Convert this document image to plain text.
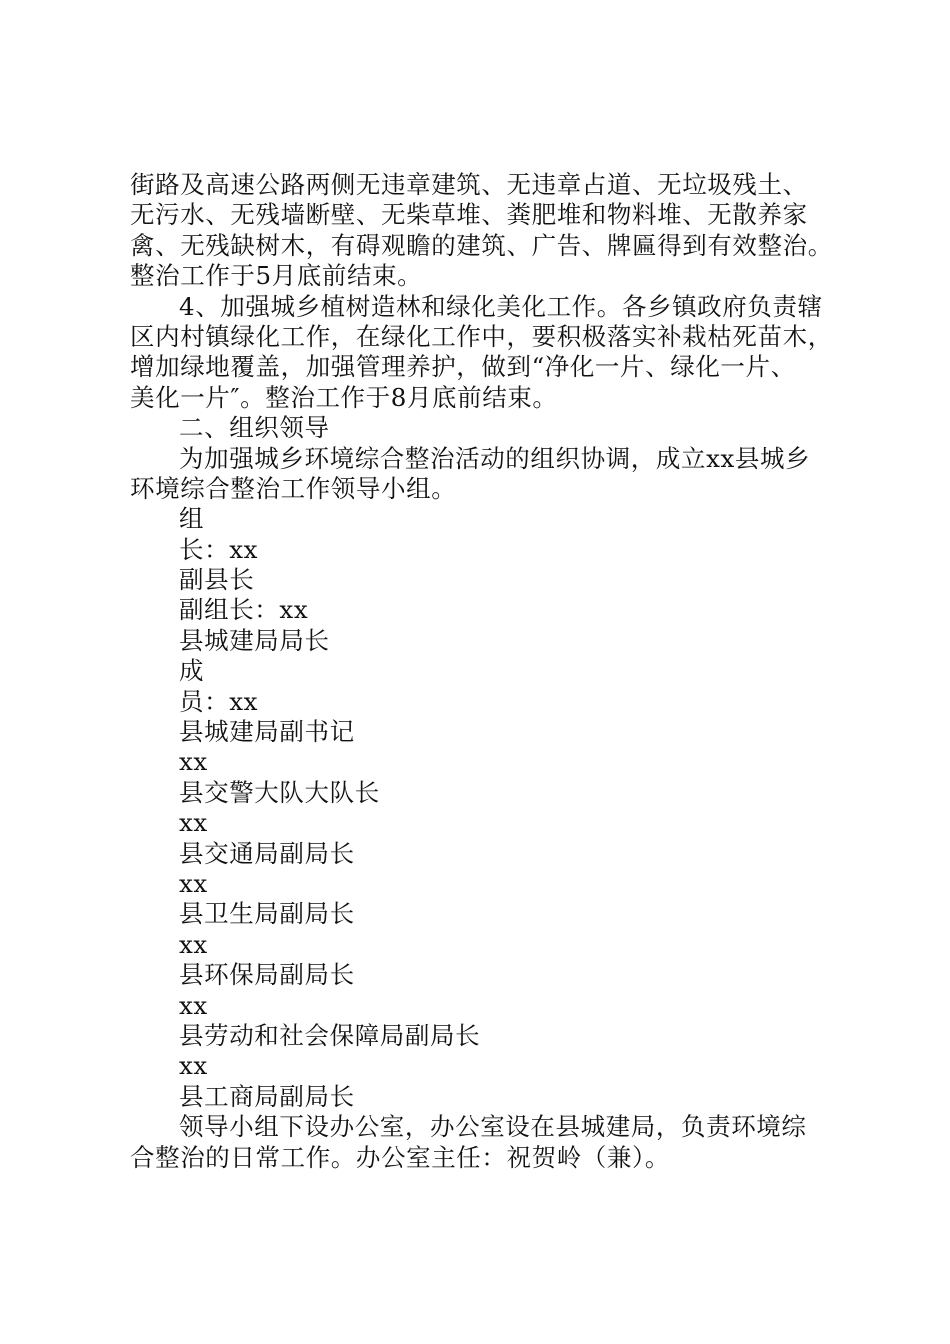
街路及高速公路两侧无违章建筑、无违章占道、无垃圾残土、
无污水、无残墙断壁、无柴草堆、粪肥堆和物料堆、无散养家
禽、无残缺树木，有碍观瞻的建筑、广告、牌匾得到有效整治。
整治工作于5月底前结束。
4、加强城乡植树造林和绿化美化工作。各乡镇政府负责辖
区内村镇绿化工作，在绿化工作中，要积极落实补栽枯死苗木，
增加绿地覆盖，加强管理养护，做到“净化一片、绿化一片、
美化一片″。整治工作于8月底前结束。
二、组织领导
为加强城乡环境综合整治活动的组织协调，成立xx县城乡
环境综合整治工作领导小组。
组
长：xx
副县长
副组长：xx
县城建局局长
成
员：xx
县城建局副书记
xx
县交警大队大队长
xx
县交通局副局长
xx
县卫生局副局长
xx
县环保局副局长
xx
县劳动和社会保障局副局长
xx
县工商局副局长
领导小组下设办公室，办公室设在县城建局，负责环境综
合整治的日常工作。办公室主任：祝贺岭（兼）。
